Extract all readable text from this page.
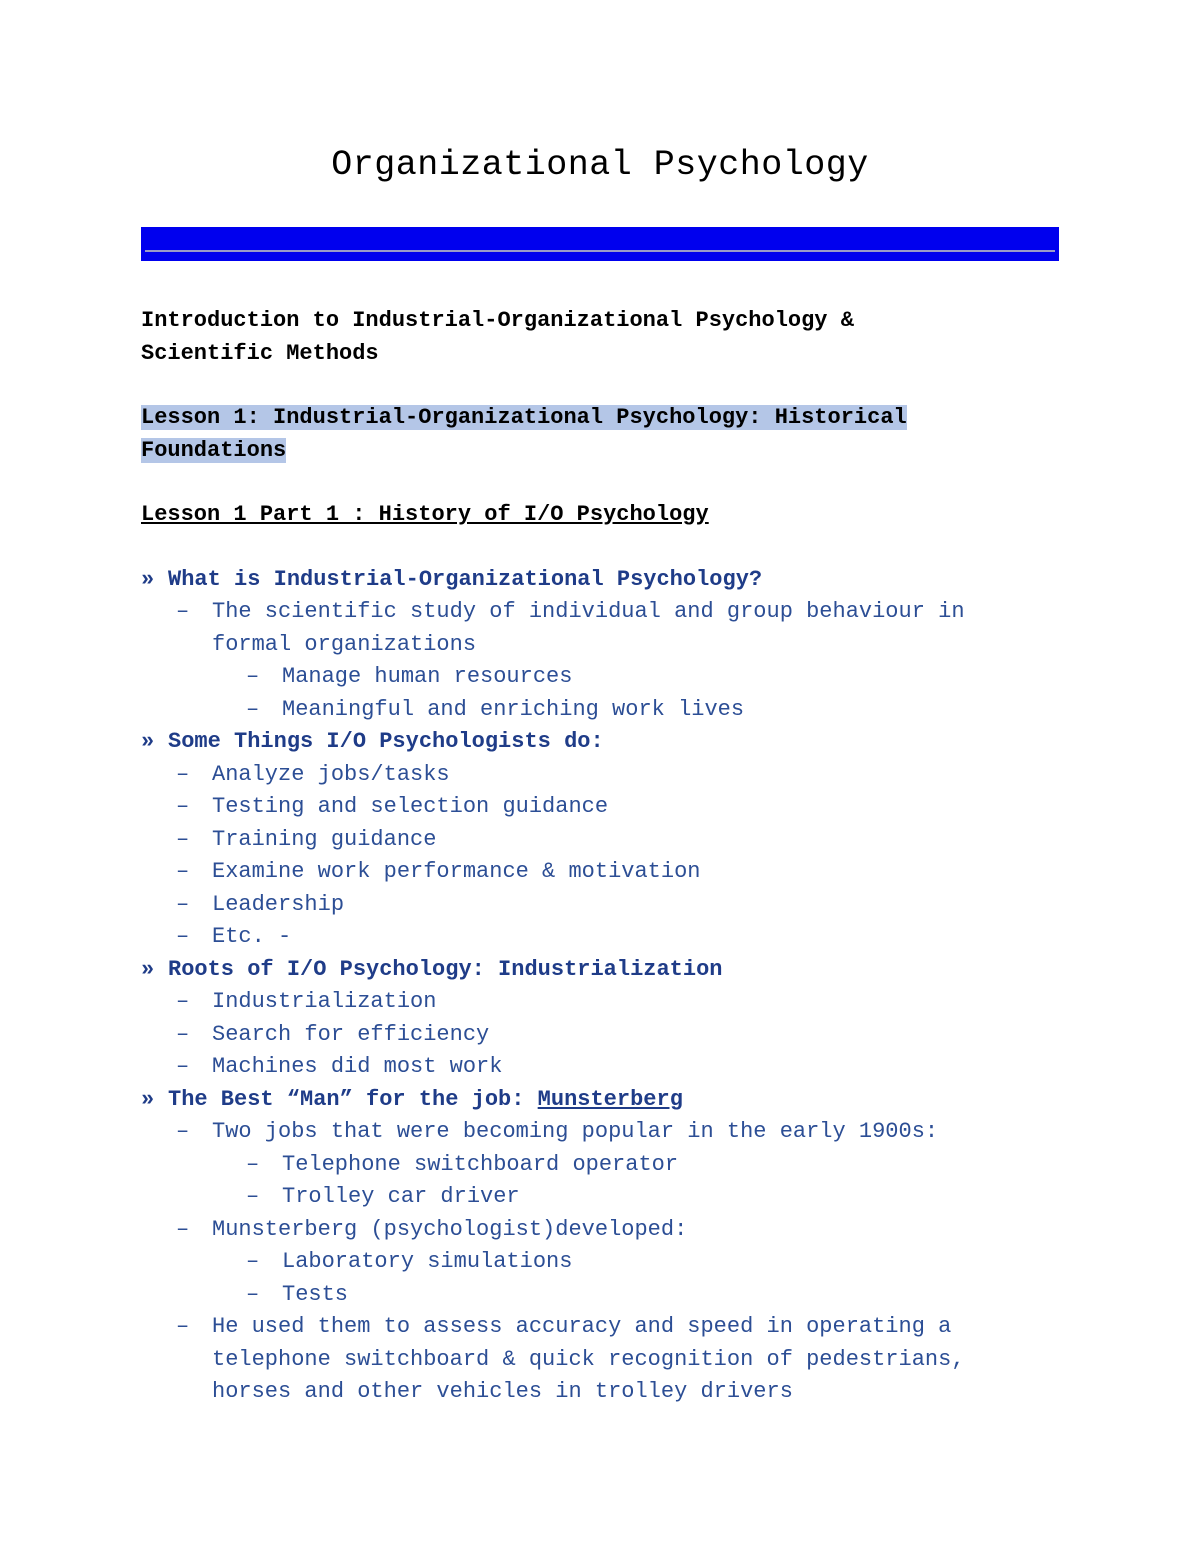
Organizational Psychology
Introduction to Industrial-Organizational Psychology &
Scientific Methods
Lesson 1: Industrial-Organizational Psychology: Historical
Foundations
Lesson 1 Part 1 : History of I/O Psychology
» What is Industrial-Organizational Psychology?
– The scientific study of individual and group behaviour in
formal organizations
– Manage human resources
– Meaningful and enriching work lives
» Some Things I/O Psychologists do:
– Analyze jobs/tasks
– Testing and selection guidance
– Training guidance
– Examine work performance & motivation
– Leadership
– Etc. -
» Roots of I/O Psychology: Industrialization
– Industrialization
– Search for efficiency
– Machines did most work
» The Best “Man” for the job: Munsterberg
– Two jobs that were becoming popular in the early 1900s:
– Telephone switchboard operator
– Trolley car driver
– Munsterberg (psychologist)developed:
– Laboratory simulations
– Tests
– He used them to assess accuracy and speed in operating a
telephone switchboard & quick recognition of pedestrians,
horses and other vehicles in trolley drivers
